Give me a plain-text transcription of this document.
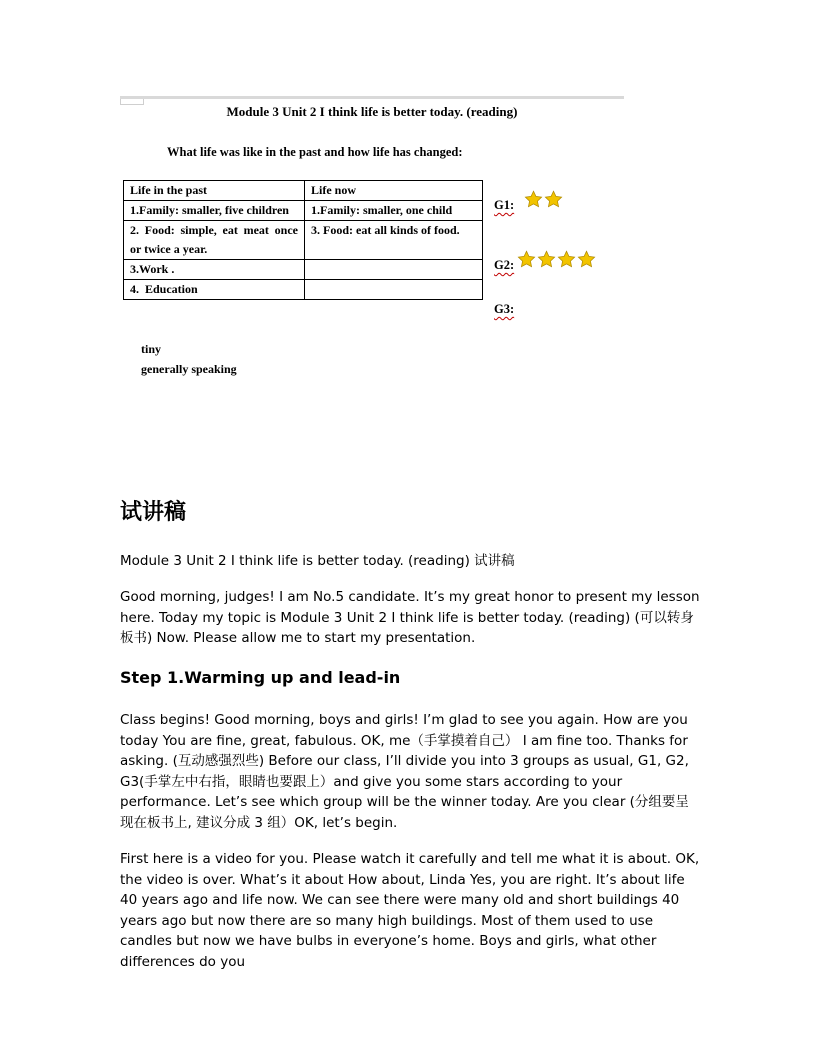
Module 3 Unit 2 I think life is better today. (reading)
What life was like in the past and how life has changed:
Life in the past	Life now
1.Family: smaller, five children	1.Family: smaller, one child
2. Food: simple, eat meat once or twice a year.	3. Food: eat all kinds of food.
3.Work .	
4.  Education	
G1:
G2:
G3:
tiny
generally speaking
试讲稿
Module 3 Unit 2 I think life is better today. (reading) 试讲稿
Good morning, judges! I am No.5 candidate. It’s my great honor to present my lesson here. Today my topic is Module 3 Unit 2 I think life is better today. (reading) (可以转身板书) Now. Please allow me to start my presentation.
Step 1.Warming up and lead-in
Class begins! Good morning, boys and girls! I’m glad to see you again. How are you today You are fine, great, fabulous. OK, me（手掌摸着自己） I am fine too. Thanks for asking. (互动感强烈些) Before our class, I’ll divide you into 3 groups as usual, G1, G2, G3(手掌左中右指，眼睛也要跟上）and give you some stars according to your performance. Let’s see which group will be the winner today. Are you clear (分组要呈现在板书上, 建议分成 3 组）OK, let’s begin.
First here is a video for you. Please watch it carefully and tell me what it is about. OK, the video is over. What’s it about How about, Linda Yes, you are right. It’s about life 40 years ago and life now. We can see there were many old and short buildings 40 years ago but now there are so many high buildings. Most of them used to use candles but now we have bulbs in everyone’s home. Boys and girls, what other differences do you
